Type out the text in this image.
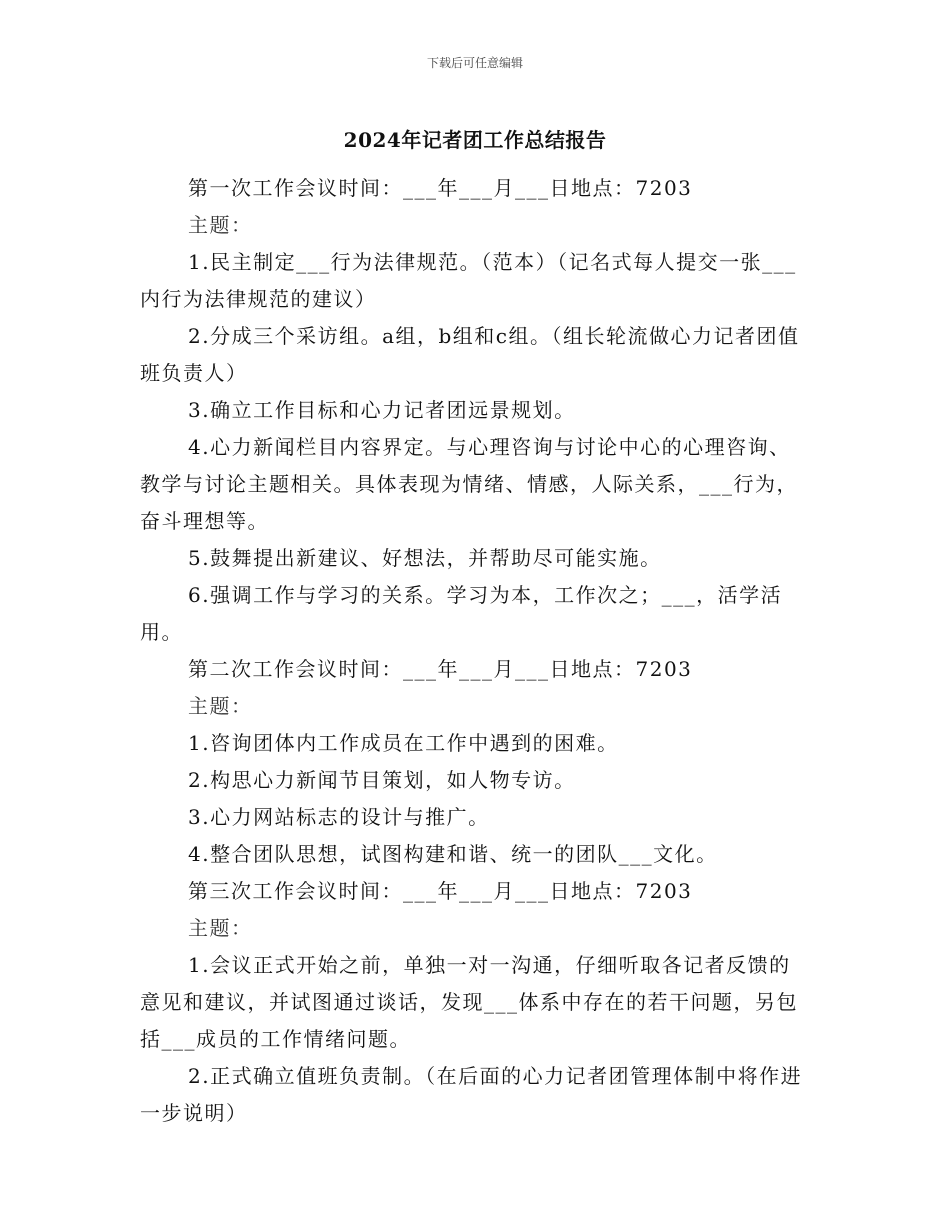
下载后可任意编辑
2024年记者团工作总结报告

第一次工作会议时间：___年___月___日地点：7203

主题：

1.民主制定___行为法律规范。（范本）（记名式每人提交一张___内行为法律规范的建议）

2.分成三个采访组。a组，b组和c组。（组长轮流做心力记者团值班负责人）

3.确立工作目标和心力记者团远景规划。

4.心力新闻栏目内容界定。与心理咨询与讨论中心的心理咨询、教学与讨论主题相关。具体表现为情绪、情感，人际关系，___行为，奋斗理想等。

5.鼓舞提出新建议、好想法，并帮助尽可能实施。

6.强调工作与学习的关系。学习为本，工作次之；___，活学活用。

第二次工作会议时间：___年___月___日地点：7203

主题：

1.咨询团体内工作成员在工作中遇到的困难。

2.构思心力新闻节目策划，如人物专访。

3.心力网站标志的设计与推广。

4.整合团队思想，试图构建和谐、统一的团队___文化。

第三次工作会议时间：___年___月___日地点：7203

主题：

1.会议正式开始之前，单独一对一沟通，仔细听取各记者反馈的意见和建议，并试图通过谈话，发现___体系中存在的若干问题，另包括___成员的工作情绪问题。

2.正式确立值班负责制。（在后面的心力记者团管理体制中将作进一步说明）
